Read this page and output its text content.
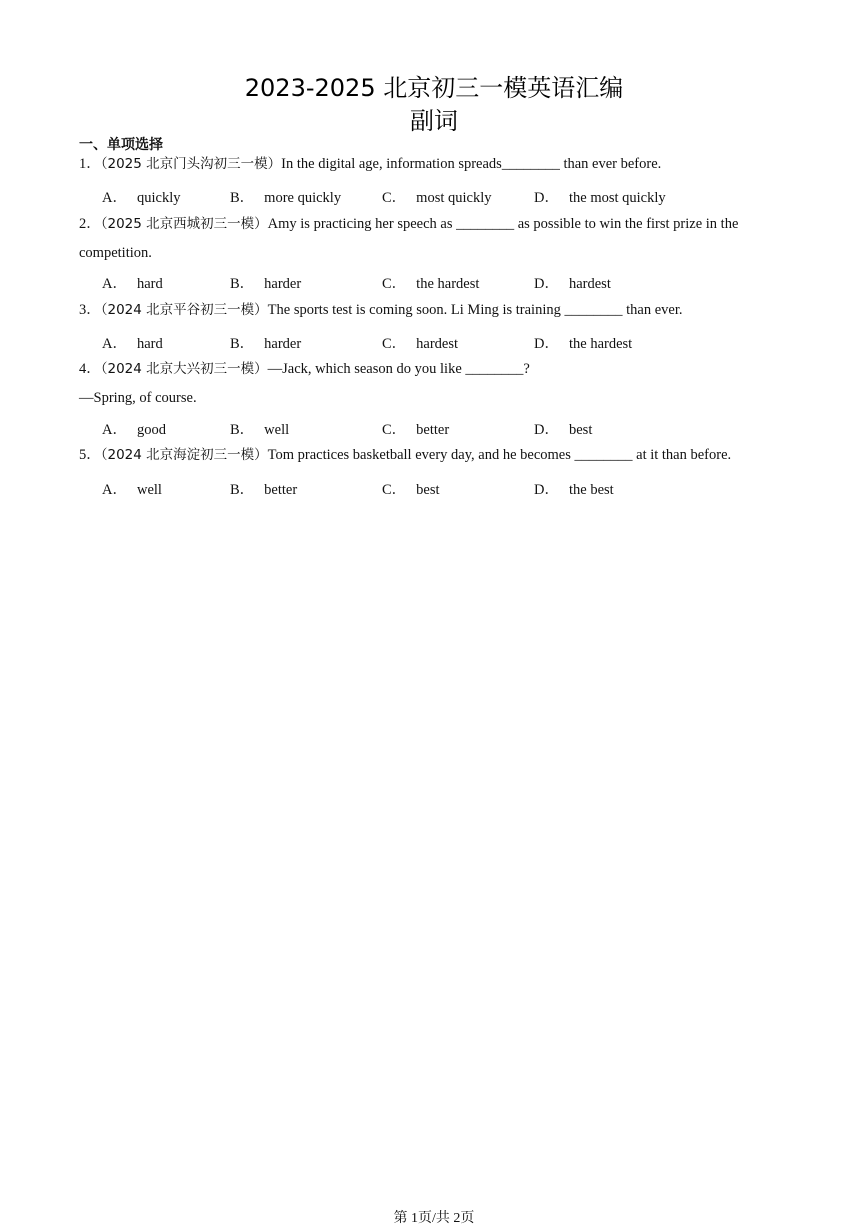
2023-2025 北京初三一模英语汇编
副词
一、单项选择
1．（2025 北京门头沟初三一模）In the digital age, information spreads________ than ever before.
A． quickly	B． more quickly	C． most quickly	D． the most quickly
2．（2025 北京西城初三一模）Amy is practicing her speech as ________ as possible to win the first prize in the competition.
A． hard	B． harder	C． the hardest	D． hardest
3．（2024 北京平谷初三一模）The sports test is coming soon. Li Ming is training ________ than ever.
A． hard	B． harder	C． hardest	D． the hardest
4．（2024 北京大兴初三一模）—Jack, which season do you like ________?
—Spring, of course.
A． good	B． well	C． better	D． best
5．（2024 北京海淀初三一模）Tom practices basketball every day, and he becomes ________ at it than before.
A． well	B． better	C． best	D． the best
第 1页/共 2页
